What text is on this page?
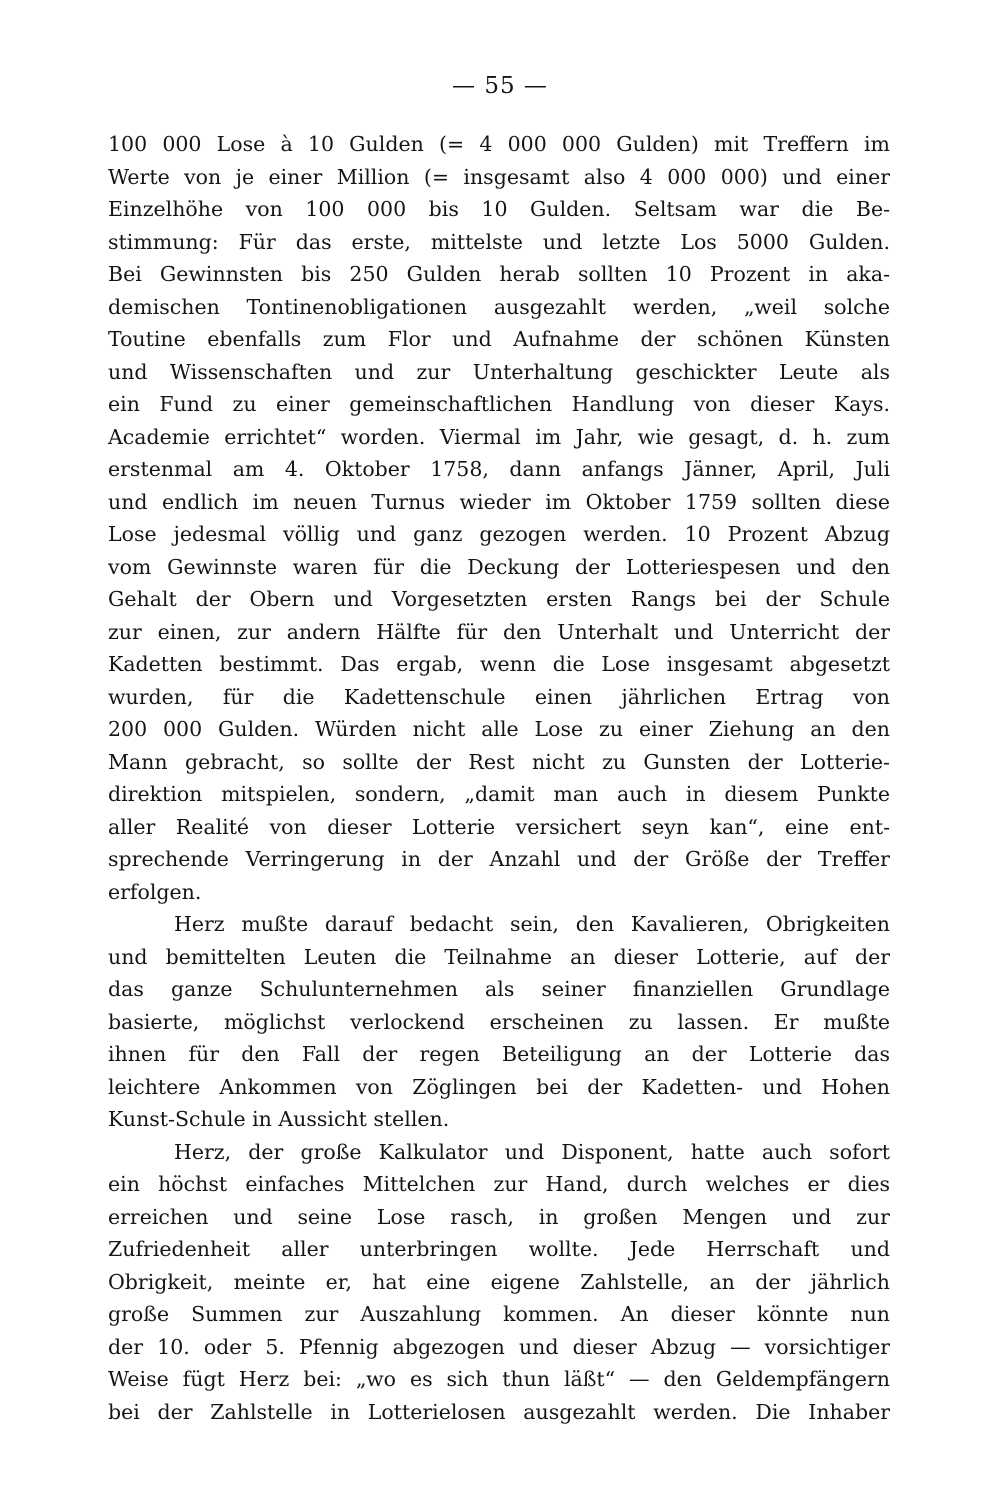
— 55 —
100 000 Lose à 10 Gulden (= 4 000 000 Gulden) mit Treffern im
Werte von je einer Million (= insgesamt also 4 000 000) und einer
Einzelhöhe von 100 000 bis 10 Gulden. Seltsam war die Be-
stimmung: Für das erste, mittelste und letzte Los 5000 Gulden.
Bei Gewinnsten bis 250 Gulden herab sollten 10 Prozent in aka-
demischen Tontinenobligationen ausgezahlt werden, „weil solche
Toutine ebenfalls zum Flor und Aufnahme der schönen Künsten
und Wissenschaften und zur Unterhaltung geschickter Leute als
ein Fund zu einer gemeinschaftlichen Handlung von dieser Kays.
Academie errichtet“ worden. Viermal im Jahr, wie gesagt, d. h. zum
erstenmal am 4. Oktober 1758, dann anfangs Jänner, April, Juli
und endlich im neuen Turnus wieder im Oktober 1759 sollten diese
Lose jedesmal völlig und ganz gezogen werden. 10 Prozent Abzug
vom Gewinnste waren für die Deckung der Lotteriespesen und den
Gehalt der Obern und Vorgesetzten ersten Rangs bei der Schule
zur einen, zur andern Hälfte für den Unterhalt und Unterricht der
Kadetten bestimmt. Das ergab, wenn die Lose insgesamt abgesetzt
wurden, für die Kadettenschule einen jährlichen Ertrag von
200 000 Gulden. Würden nicht alle Lose zu einer Ziehung an den
Mann gebracht, so sollte der Rest nicht zu Gunsten der Lotterie-
direktion mitspielen, sondern, „damit man auch in diesem Punkte
aller Realité von dieser Lotterie versichert seyn kan“, eine ent-
sprechende Verringerung in der Anzahl und der Größe der Treffer
erfolgen.
Herz mußte darauf bedacht sein, den Kavalieren, Obrigkeiten
und bemittelten Leuten die Teilnahme an dieser Lotterie, auf der
das ganze Schulunternehmen als seiner finanziellen Grundlage
basierte, möglichst verlockend erscheinen zu lassen. Er mußte
ihnen für den Fall der regen Beteiligung an der Lotterie das
leichtere Ankommen von Zöglingen bei der Kadetten- und Hohen
Kunst-Schule in Aussicht stellen.
Herz, der große Kalkulator und Disponent, hatte auch sofort
ein höchst einfaches Mittelchen zur Hand, durch welches er dies
erreichen und seine Lose rasch, in großen Mengen und zur
Zufriedenheit aller unterbringen wollte. Jede Herrschaft und
Obrigkeit, meinte er, hat eine eigene Zahlstelle, an der jährlich
große Summen zur Auszahlung kommen. An dieser könnte nun
der 10. oder 5. Pfennig abgezogen und dieser Abzug — vorsichtiger
Weise fügt Herz bei: „wo es sich thun läßt“ — den Geldempfängern
bei der Zahlstelle in Lotterielosen ausgezahlt werden. Die Inhaber
